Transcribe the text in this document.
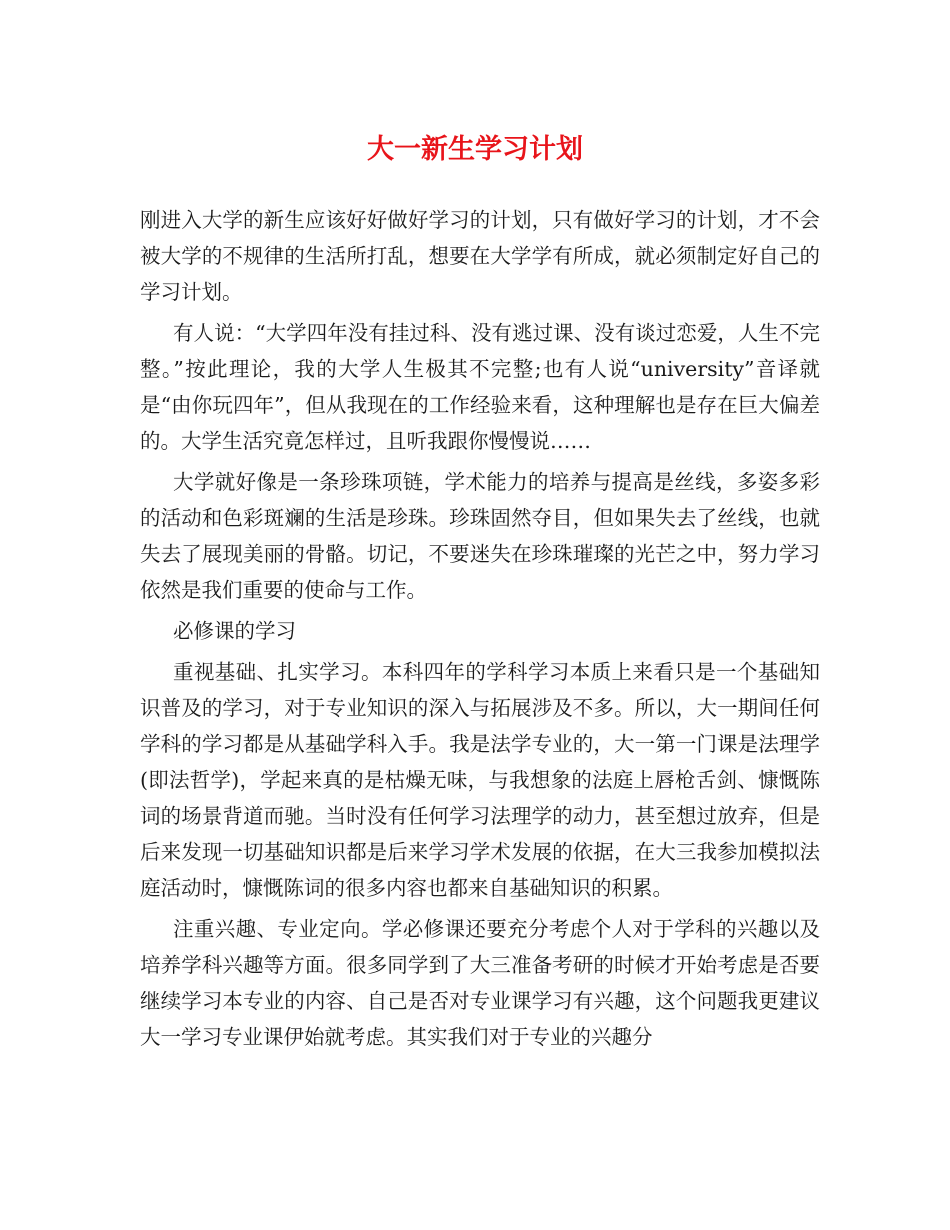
大一新生学习计划

刚进入大学的新生应该好好做好学习的计划，只有做好学习的计划，才不会被大学的不规律的生活所打乱，想要在大学学有所成，就必须制定好自己的学习计划。

有人说：“大学四年没有挂过科、没有逃过课、没有谈过恋爱，人生不完整。”按此理论，我的大学人生极其不完整;也有人说“university”音译就是“由你玩四年”，但从我现在的工作经验来看，这种理解也是存在巨大偏差的。大学生活究竟怎样过，且听我跟你慢慢说……

大学就好像是一条珍珠项链，学术能力的培养与提高是丝线，多姿多彩的活动和色彩斑斓的生活是珍珠。珍珠固然夺目，但如果失去了丝线，也就失去了展现美丽的骨骼。切记，不要迷失在珍珠璀璨的光芒之中，努力学习依然是我们重要的使命与工作。

必修课的学习

重视基础、扎实学习。本科四年的学科学习本质上来看只是一个基础知识普及的学习，对于专业知识的深入与拓展涉及不多。所以，大一期间任何学科的学习都是从基础学科入手。我是法学专业的，大一第一门课是法理学(即法哲学)，学起来真的是枯燥无味，与我想象的法庭上唇枪舌剑、慷慨陈词的场景背道而驰。当时没有任何学习法理学的动力，甚至想过放弃，但是后来发现一切基础知识都是后来学习学术发展的依据，在大三我参加模拟法庭活动时，慷慨陈词的很多内容也都来自基础知识的积累。

注重兴趣、专业定向。学必修课还要充分考虑个人对于学科的兴趣以及培养学科兴趣等方面。很多同学到了大三准备考研的时候才开始考虑是否要继续学习本专业的内容、自己是否对专业课学习有兴趣，这个问题我更建议大一学习专业课伊始就考虑。其实我们对于专业的兴趣分
